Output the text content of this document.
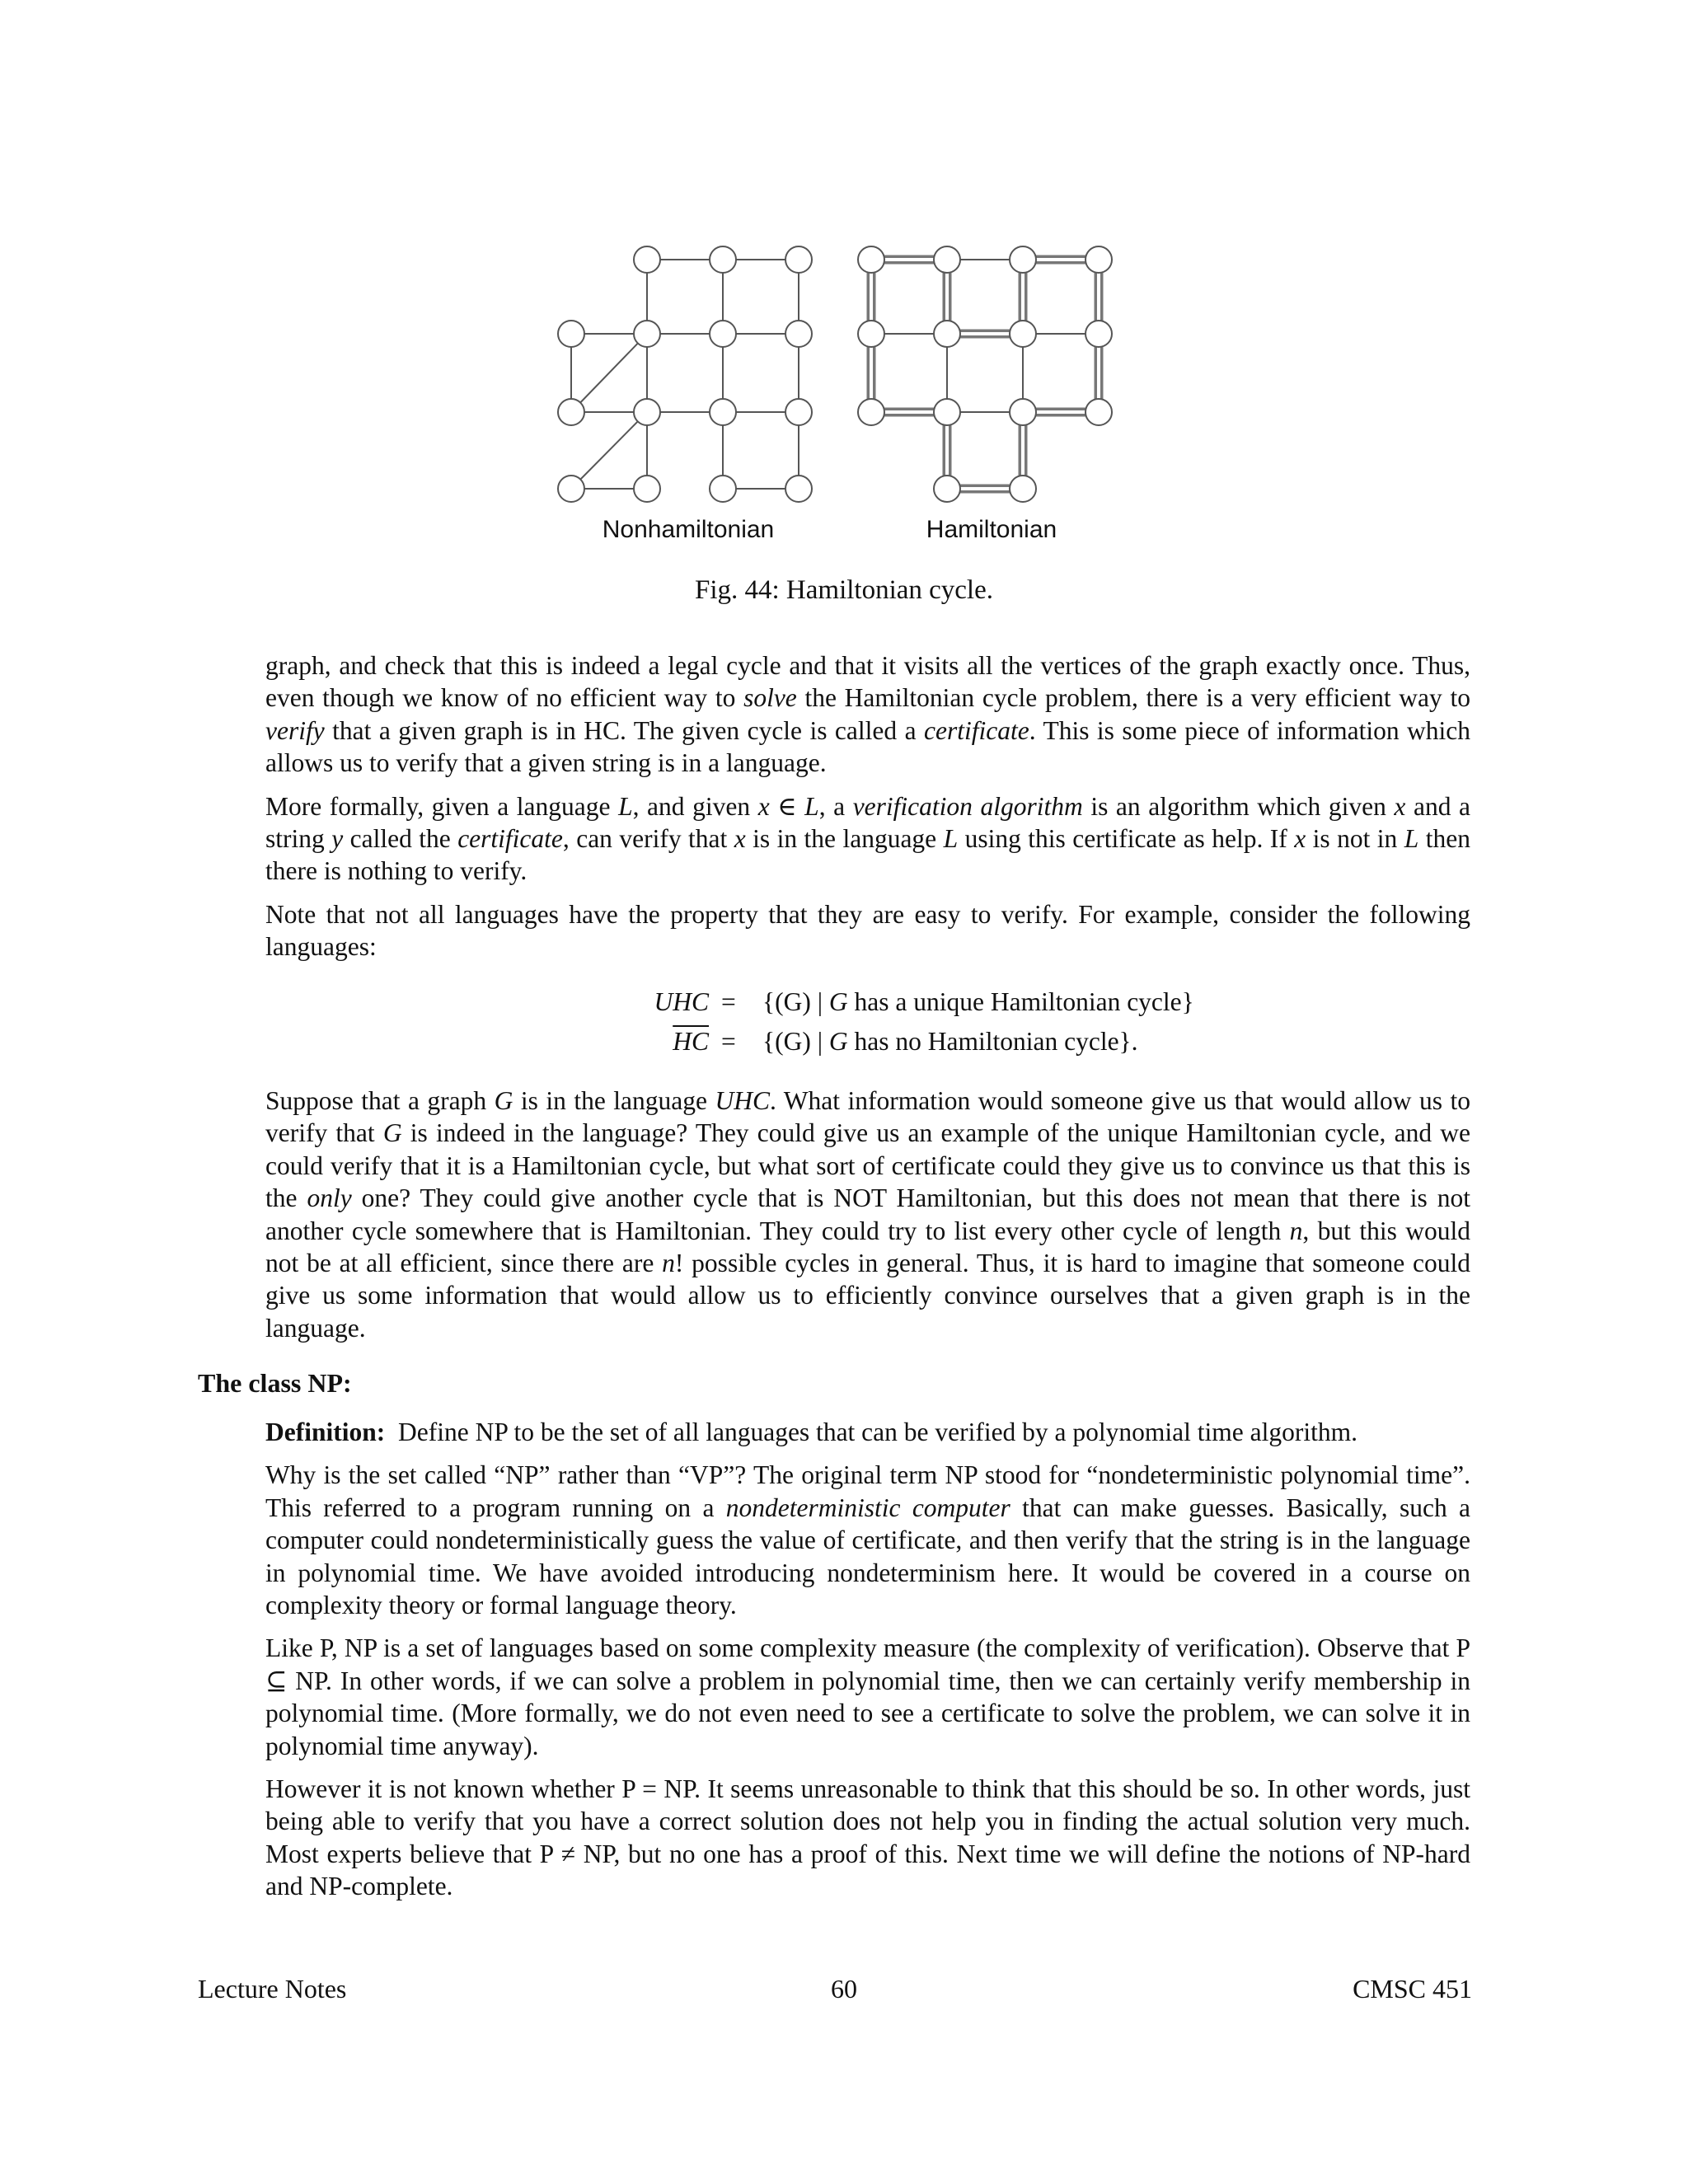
Nonhamiltonian	Hamiltonian
Fig. 44: Hamiltonian cycle.

graph, and check that this is indeed a legal cycle and that it visits all the vertices of the graph exactly once. Thus, even though we know of no efficient way to solve the Hamiltonian cycle problem, there is a very efficient way to verify that a given graph is in HC. The given cycle is called a certificate. This is some piece of information which allows us to verify that a given string is in a language.

More formally, given a language L, and given x ∈ L, a verification algorithm is an algorithm which given x and a string y called the certificate, can verify that x is in the language L using this certificate as help. If x is not in L then there is nothing to verify.

Note that not all languages have the property that they are easy to verify. For example, consider the following languages:

UHC = {(G) | G has a unique Hamiltonian cycle}
$\overline{HC} = \{(G)$ | G has no Hamiltonian cycle}.
Suppose that a graph G is in the language UHC. What information would someone give us that would allow us to verify that G is indeed in the language? They could give us an example of the unique Hamiltonian cycle, and we could verify that it is a Hamiltonian cycle, but what sort of certificate could they give us to convince us that this is the only one? They could give another cycle that is NOT Hamiltonian, but this does not mean that there is not another cycle somewhere that is Hamiltonian. They could try to list every other cycle of length n, but this would not be at all efficient, since there are n! possible cycles in general. Thus, it is hard to imagine that someone could give us some information that would allow us to efficiently convince ourselves that a given graph is in the language.
The class NP:

Definition: Define NP to be the set of all languages that can be verified by a polynomial time algorithm.

Why is the set called “NP” rather than “VP”? The original term NP stood for “nondeterministic polynomial time”. This referred to a program running on a nondeterministic computer that can make guesses. Basically, such a computer could nondeterministically guess the value of certificate, and then verify that the string is in the language in polynomial time. We have avoided introducing nondeterminism here. It would be covered in a course on complexity theory or formal language theory.

Like P, NP is a set of languages based on some complexity measure (the complexity of verification). Observe that P ⊆ NP. In other words, if we can solve a problem in polynomial time, then we can certainly verify membership in polynomial time. (More formally, we do not even need to see a certificate to solve the problem, we can solve it in polynomial time anyway).

However it is not known whether P = NP. It seems unreasonable to think that this should be so. In other words, just being able to verify that you have a correct solution does not help you in finding the actual solution very much. Most experts believe that P ≠ NP, but no one has a proof of this. Next time we will define the notions of NP-hard and NP-complete.

Lecture Notes	60	CMSC 451
